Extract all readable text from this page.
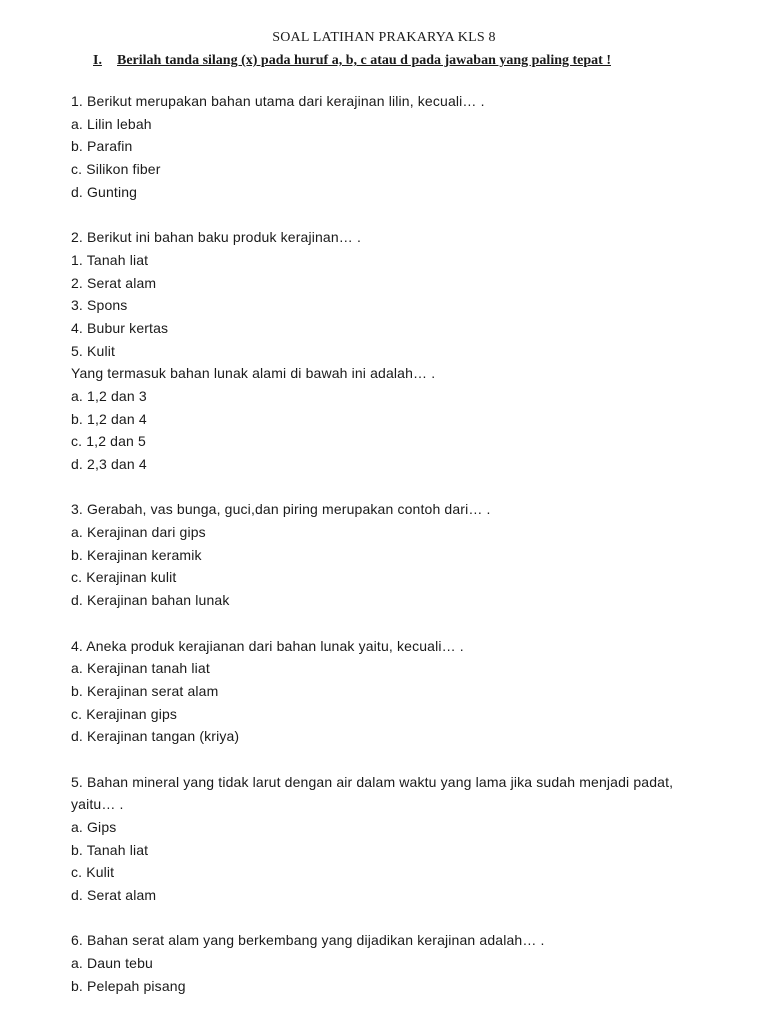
SOAL LATIHAN PRAKARYA KLS 8
I. Berilah tanda silang (x) pada huruf a, b, c atau d pada jawaban yang paling tepat !
1. Berikut merupakan bahan utama dari kerajinan lilin, kecuali… .
a. Lilin lebah
b. Parafin
c. Silikon fiber
d. Gunting
2. Berikut ini bahan baku produk kerajinan… .
1. Tanah liat
2. Serat alam
3. Spons
4. Bubur kertas
5. Kulit
Yang termasuk bahan lunak alami di bawah ini adalah… .
a. 1,2 dan 3
b. 1,2 dan 4
c. 1,2 dan 5
d. 2,3 dan 4
3. Gerabah, vas bunga, guci,dan piring merupakan contoh dari… .
a. Kerajinan dari gips
b. Kerajinan keramik
c. Kerajinan kulit
d. Kerajinan bahan lunak
4. Aneka produk kerajianan dari bahan lunak yaitu, kecuali… .
a. Kerajinan tanah liat
b. Kerajinan serat alam
c. Kerajinan gips
d. Kerajinan tangan (kriya)
5. Bahan mineral yang tidak larut dengan air dalam waktu yang lama jika sudah menjadi padat,
yaitu… .
a. Gips
b. Tanah liat
c. Kulit
d. Serat alam
6. Bahan serat alam yang berkembang yang dijadikan kerajinan adalah… .
a. Daun tebu
b. Pelepah pisang
